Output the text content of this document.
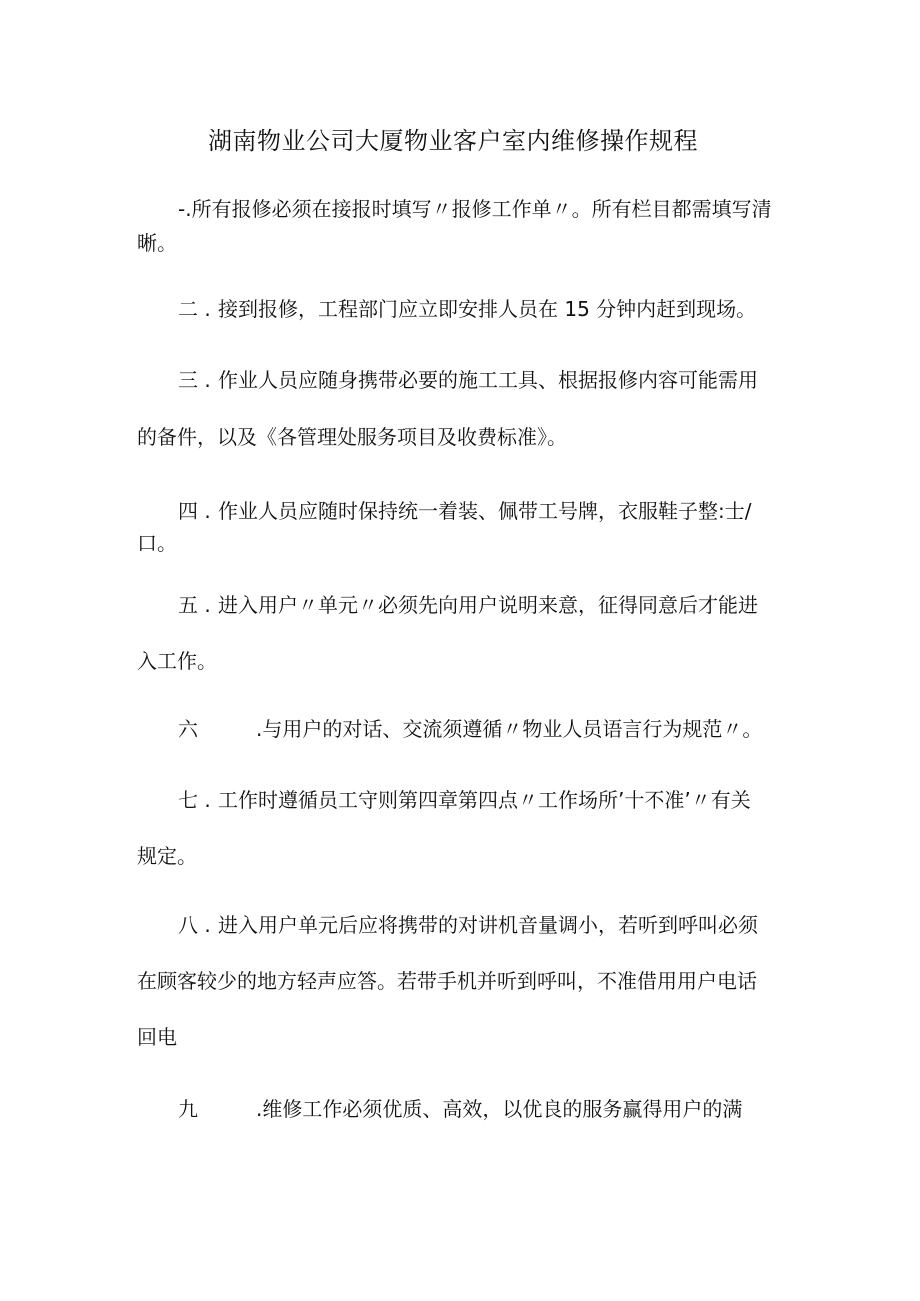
湖南物业公司大厦物业客户室内维修操作规程
-.所有报修必须在接报时填写〃报修工作单〃。所有栏目都需填写清
晰。
二 . 接到报修，工程部门应立即安排人员在 15 分钟内赶到现场。
三 . 作业人员应随身携带必要的施工工具、根据报修内容可能需用
的备件，以及《各管理处服务项目及收费标准》。
四 . 作业人员应随时保持统一着装、佩带工号牌，衣服鞋子整:士/
口。
五 . 进入用户〃单元〃必须先向用户说明来意，征得同意后才能进
入工作。
六	.与用户的对话、交流须遵循〃物业人员语言行为规范〃。
七 . 工作时遵循员工守则第四章第四点〃工作场所’十不准’〃有关
规定。
八 . 进入用户单元后应将携带的对讲机音量调小，若听到呼叫必须
在顾客较少的地方轻声应答。若带手机并听到呼叫，不准借用用户电话
回电
九	.维修工作必须优质、高效，以优良的服务赢得用户的满
